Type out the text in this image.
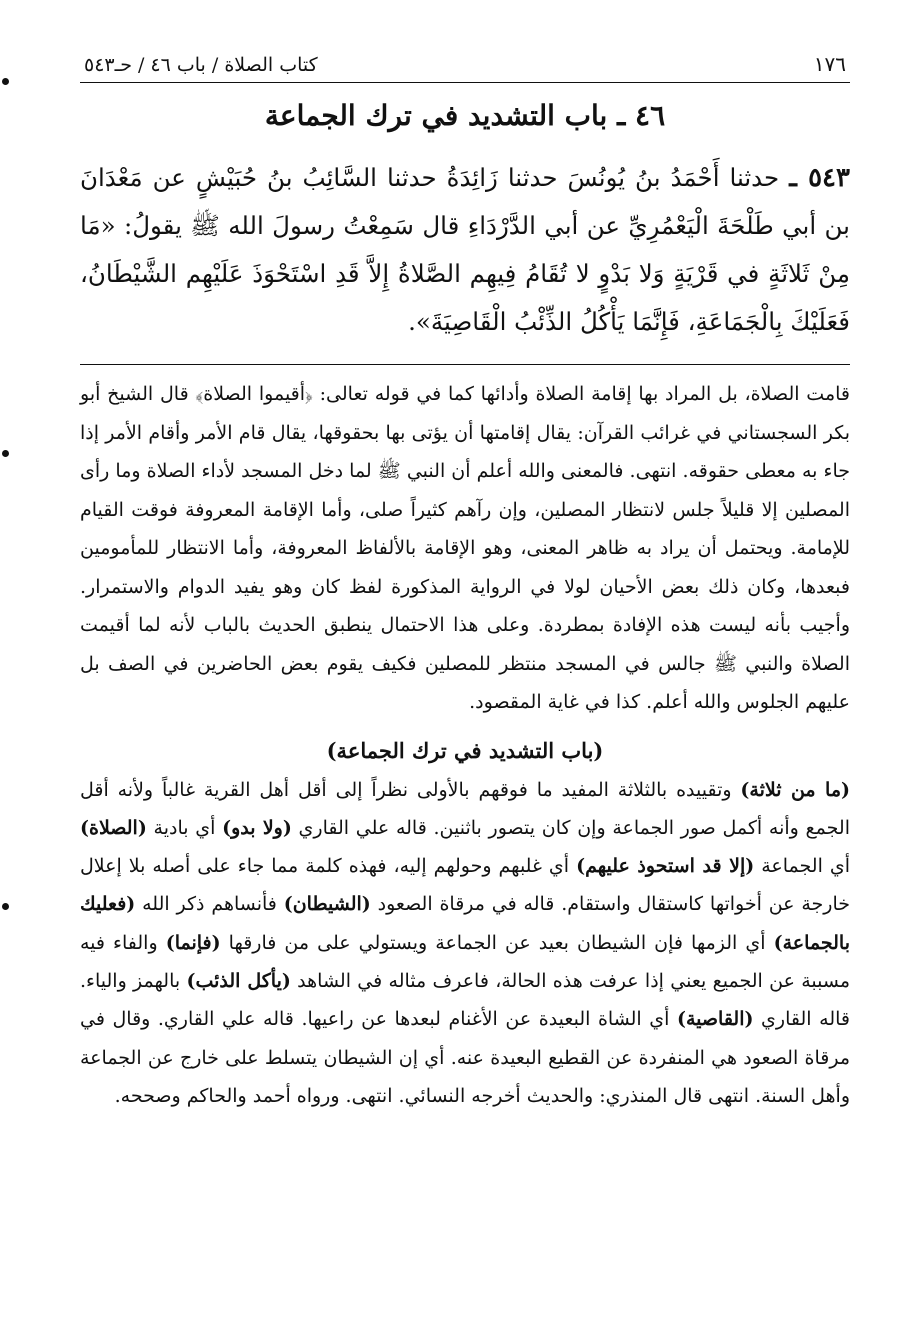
١٧٦
كتاب الصلاة / باب ٤٦ / حـ٥٤٣
٤٦ ـ باب التشديد في ترك الجماعة

٥٤٣ ـ حدثنا أَحْمَدُ بنُ يُونُسَ حدثنا زَائِدَةُ حدثنا السَّائِبُ بنُ حُبَيْشٍ عن مَعْدَانَ بن أبي طَلْحَةَ الْيَعْمُرِيِّ عن أبي الدَّرْدَاءِ قال سَمِعْتُ رسولَ الله ﷺ يقولُ: «مَا مِنْ ثَلاثَةٍ في قَرْيَةٍ وَلا بَدْوٍ لا تُقَامُ فِيهِم الصَّلاةُ إِلاَّ قَدِ اسْتَحْوَذَ عَلَيْهِم الشَّيْطَانُ، فَعَلَيْكَ بِالْجَمَاعَةِ، فَإِنَّمَا يَأْكُلُ الذِّئْبُ الْقَاصِيَةَ».

قامت الصلاة، بل المراد بها إقامة الصلاة وأدائها كما في قوله تعالى: ﴿أقيموا الصلاة﴾ قال الشيخ أبو بكر السجستاني في غرائب القرآن: يقال إقامتها أن يؤتى بها بحقوقها، يقال قام الأمر وأقام الأمر إذا جاء به معطى حقوقه. انتهى. فالمعنى والله أعلم أن النبي ﷺ لما دخل المسجد لأداء الصلاة وما رأى المصلين إلا قليلاً جلس لانتظار المصلين، وإن رآهم كثيراً صلى، وأما الإقامة المعروفة فوقت القيام للإمامة. ويحتمل أن يراد به ظاهر المعنى، وهو الإقامة بالألفاظ المعروفة، وأما الانتظار للمأمومين فبعدها، وكان ذلك بعض الأحيان لولا في الرواية المذكورة لفظ كان وهو يفيد الدوام والاستمرار. وأجيب بأنه ليست هذه الإفادة بمطردة. وعلى هذا الاحتمال ينطبق الحديث بالباب لأنه لما أقيمت الصلاة والنبي ﷺ جالس في المسجد منتظر للمصلين فكيف يقوم بعض الحاضرين في الصف بل عليهم الجلوس والله أعلم. كذا في غاية المقصود.

(باب التشديد في ترك الجماعة)

(ما من ثلاثة) وتقييده بالثلاثة المفيد ما فوقهم بالأولى نظراً إلى أقل أهل القرية غالباً ولأنه أقل الجمع وأنه أكمل صور الجماعة وإن كان يتصور باثنين. قاله علي القاري (ولا بدو) أي بادية (الصلاة) أي الجماعة (إلا قد استحوذ عليهم) أي غلبهم وحولهم إليه، فهذه كلمة مما جاء على أصله بلا إعلال خارجة عن أخواتها كاستقال واستقام. قاله في مرقاة الصعود (الشيطان) فأنساهم ذكر الله (فعليك بالجماعة) أي الزمها فإن الشيطان بعيد عن الجماعة ويستولي على من فارقها (فإنما) والفاء فيه مسببة عن الجميع يعني إذا عرفت هذه الحالة، فاعرف مثاله في الشاهد (يأكل الذئب) بالهمز والياء. قاله القاري (القاصية) أي الشاة البعيدة عن الأغنام لبعدها عن راعيها. قاله علي القاري. وقال في مرقاة الصعود هي المنفردة عن القطيع البعيدة عنه. أي إن الشيطان يتسلط على خارج عن الجماعة وأهل السنة. انتهى قال المنذري: والحديث أخرجه النسائي. انتهى. ورواه أحمد والحاكم وصححه.
